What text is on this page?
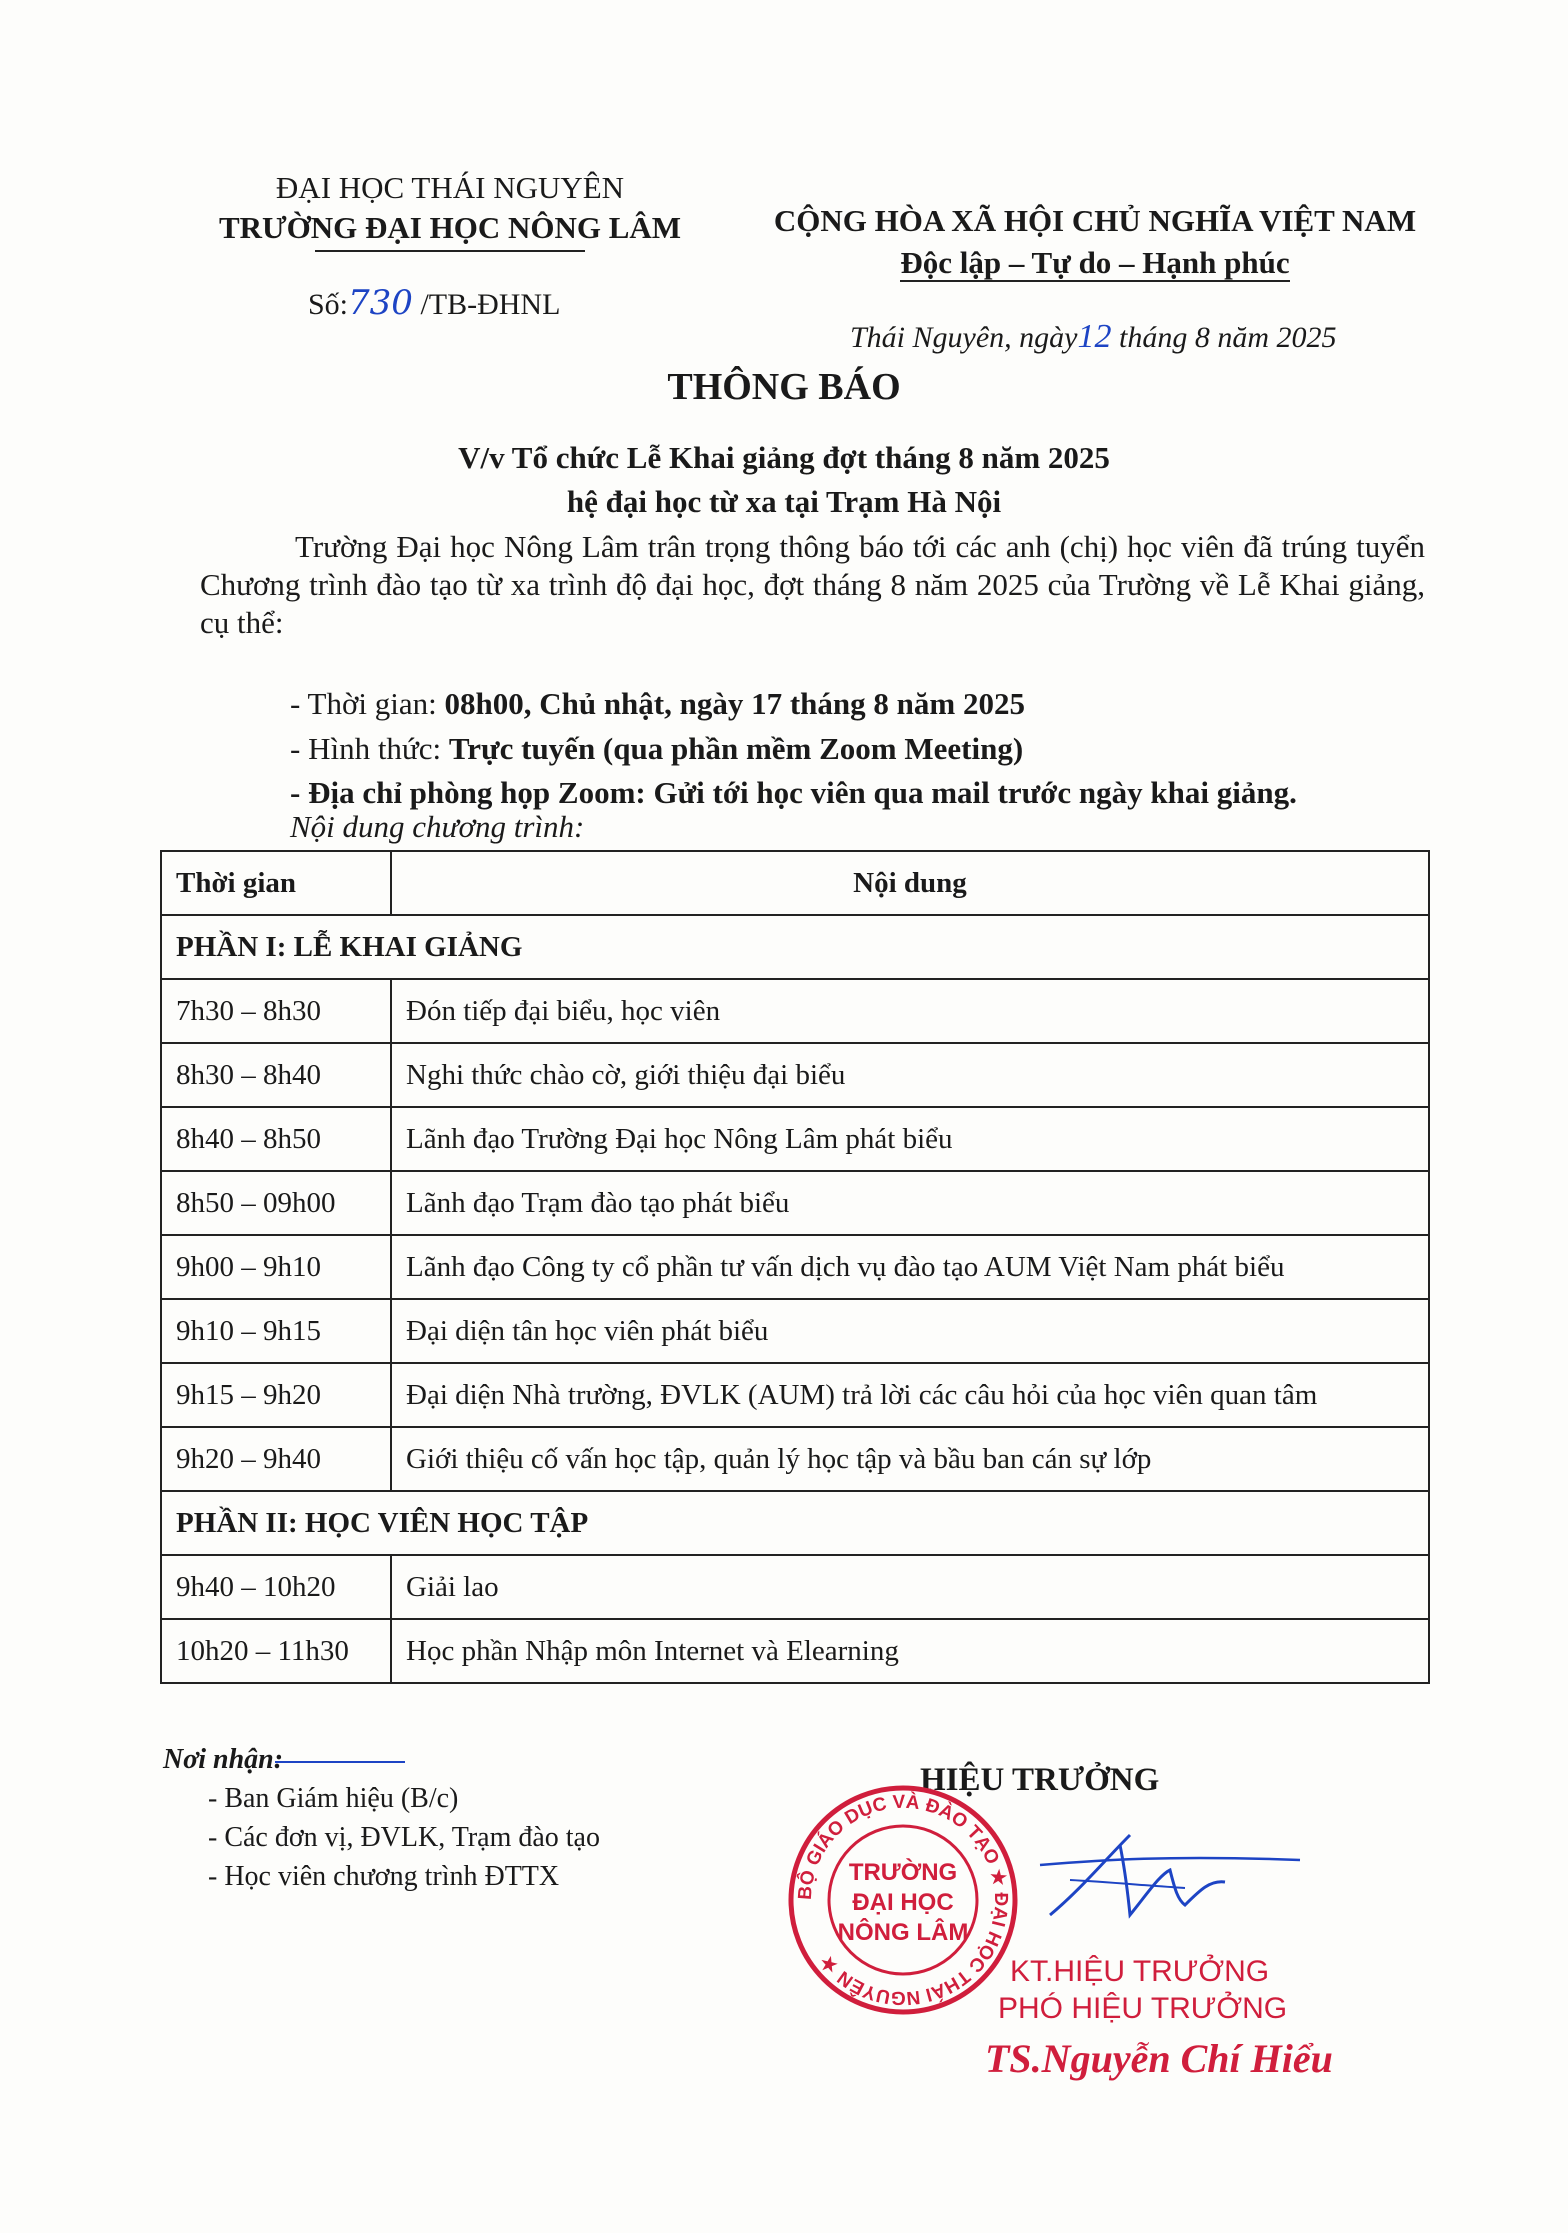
ĐẠI HỌC THÁI NGUYÊN
TRƯỜNG ĐẠI HỌC NÔNG LÂM	CỘNG HÒA XÃ HỘI CHỦ NGHĨA VIỆT NAM
Độc lập – Tự do – Hạnh phúc
Số:730 /TB-ĐHNL
Thái Nguyên, ngày12 tháng 8 năm 2025
THÔNG BÁO
V/v Tổ chức Lễ Khai giảng đợt tháng 8 năm 2025
hệ đại học từ xa tại Trạm Hà Nội
Trường Đại học Nông Lâm trân trọng thông báo tới các anh (chị) học viên đã trúng tuyển Chương trình đào tạo từ xa trình độ đại học, đợt tháng 8 năm 2025 của Trường về Lễ Khai giảng, cụ thể:
- Thời gian: 08h00, Chủ nhật, ngày 17 tháng 8 năm 2025
- Hình thức: Trực tuyến (qua phần mềm Zoom Meeting)
- Địa chỉ phòng họp Zoom: Gửi tới học viên qua mail trước ngày khai giảng.
Nội dung chương trình:
Thời gian	Nội dung
PHẦN I: LỄ KHAI GIẢNG	
7h30 – 8h30	Đón tiếp đại biểu, học viên
8h30 – 8h40	Nghi thức chào cờ, giới thiệu đại biểu
8h40 – 8h50	Lãnh đạo Trường Đại học Nông Lâm phát biểu
8h50 – 09h00	Lãnh đạo Trạm đào tạo phát biểu
9h00 – 9h10	Lãnh đạo Công ty cổ phần tư vấn dịch vụ đào tạo AUM Việt Nam phát biểu
9h10 – 9h15	Đại diện tân học viên phát biểu
9h15 – 9h20	Đại diện Nhà trường, ĐVLK (AUM) trả lời các câu hỏi của học viên quan tâm
9h20 – 9h40	Giới thiệu cố vấn học tập, quản lý học tập và bầu ban cán sự lớp
PHẦN II: HỌC VIÊN HỌC TẬP	
9h40 – 10h20	Giải lao
10h20 – 11h30	Học phần Nhập môn Internet và Elearning
Nơi nhận:
- Ban Giám hiệu (B/c)
- Các đơn vị, ĐVLK, Trạm đào tạo
- Học viên chương trình ĐTTX
HIỆU TRƯỞNG
BỘ GIÁO DỤC VÀ ĐÀO TẠO ★ ĐẠI HỌC THÁI NGUYÊN ★
TRƯỜNG
ĐẠI HỌC
NÔNG LÂM
KT.HIỆU TRƯỞNG
PHÓ HIỆU TRƯỞNG
TS.Nguyễn Chí Hiểu
